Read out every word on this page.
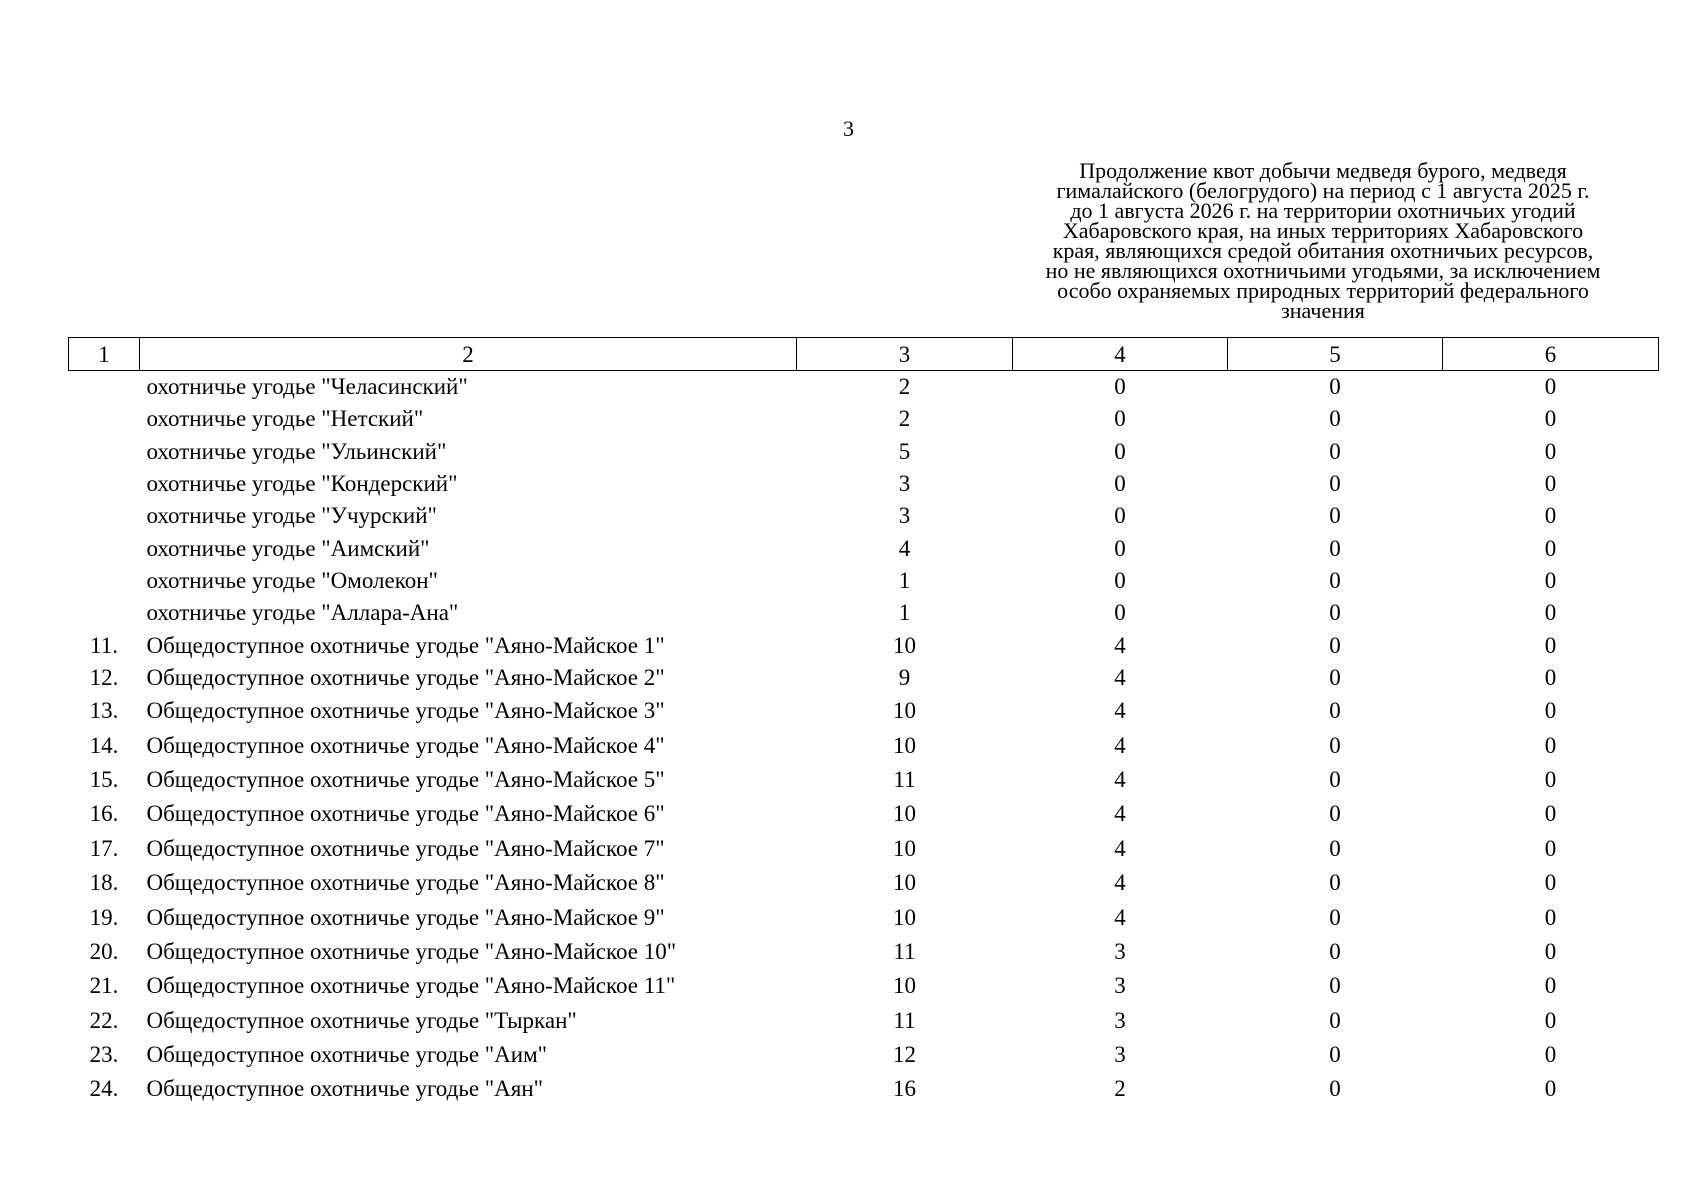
3
Продолжение квот добычи медведя бурого, медведя
гималайского (белогрудого) на период с 1 августа 2025 г.
до 1 августа 2026 г. на территории охотничьих угодий
Хабаровского края, на иных территориях Хабаровского
края, являющихся средой обитания охотничьих ресурсов,
но не являющихся охотничьими угодьями, за исключением
особо охраняемых природных территорий федерального
значения
1	2	3	4	5	6
	охотничье угодье "Челасинский"	2	0	0	0
	охотничье угодье "Нетский"	2	0	0	0
	охотничье угодье "Ульинский"	5	0	0	0
	охотничье угодье "Кондерский"	3	0	0	0
	охотничье угодье "Учурский"	3	0	0	0
	охотничье угодье "Аимский"	4	0	0	0
	охотничье угодье "Омолекон"	1	0	0	0
	охотничье угодье "Аллара-Ана"	1	0	0	0
11.	Общедоступное охотничье угодье "Аяно-Майское 1"	10	4	0	0
12.	Общедоступное охотничье угодье "Аяно-Майское 2"	9	4	0	0
13.	Общедоступное охотничье угодье "Аяно-Майское 3"	10	4	0	0
14.	Общедоступное охотничье угодье "Аяно-Майское 4"	10	4	0	0
15.	Общедоступное охотничье угодье "Аяно-Майское 5"	11	4	0	0
16.	Общедоступное охотничье угодье "Аяно-Майское 6"	10	4	0	0
17.	Общедоступное охотничье угодье "Аяно-Майское 7"	10	4	0	0
18.	Общедоступное охотничье угодье "Аяно-Майское 8"	10	4	0	0
19.	Общедоступное охотничье угодье "Аяно-Майское 9"	10	4	0	0
20.	Общедоступное охотничье угодье "Аяно-Майское 10"	11	3	0	0
21.	Общедоступное охотничье угодье "Аяно-Майское 11"	10	3	0	0
22.	Общедоступное охотничье угодье "Тыркан"	11	3	0	0
23.	Общедоступное охотничье угодье "Аим"	12	3	0	0
24.	Общедоступное охотничье угодье "Аян"	16	2	0	0
